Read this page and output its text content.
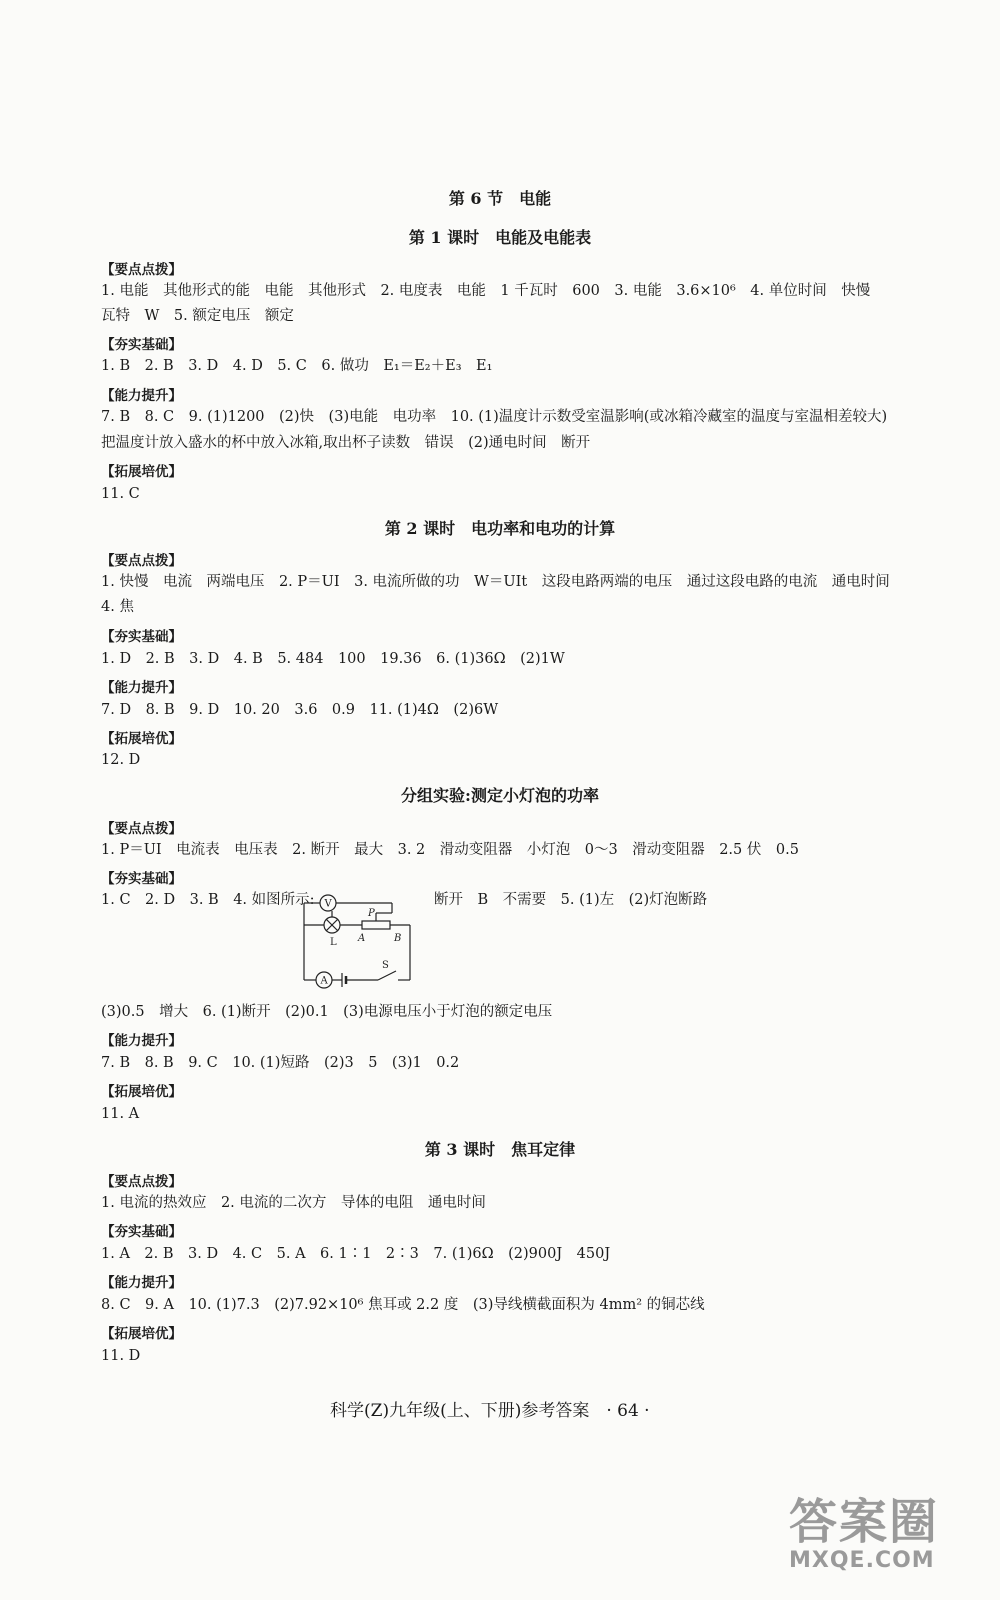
第 6 节　电能
第 1 课时　电能及电能表
【要点点拨】
1. 电能　其他形式的能　电能　其他形式　2. 电度表　电能　1 千瓦时　600　3. 电能　3.6×10⁶　4. 单位时间　快慢
瓦特　W　5. 额定电压　额定
【夯实基础】
1. B　2. B　3. D　4. D　5. C　6. 做功　E₁＝E₂＋E₃　E₁
【能力提升】
7. B　8. C　9. (1)1200　(2)快　(3)电能　电功率　10. (1)温度计示数受室温影响(或冰箱冷藏室的温度与室温相差较大)
把温度计放入盛水的杯中放入冰箱,取出杯子读数　错误　(2)通电时间　断开
【拓展培优】
11. C
第 2 课时　电功率和电功的计算
【要点点拨】
1. 快慢　电流　两端电压　2. P＝UI　3. 电流所做的功　W＝UIt　这段电路两端的电压　通过这段电路的电流　通电时间
4. 焦
【夯实基础】
1. D　2. B　3. D　4. B　5. 484　100　19.36　6. (1)36Ω　(2)1W
【能力提升】
7. D　8. B　9. D　10. 20　3.6　0.9　11. (1)4Ω　(2)6W
【拓展培优】
12. D
分组实验:测定小灯泡的功率
【要点点拨】
1. P＝UI　电流表　电压表　2. 断开　最大　3. 2　滑动变阻器　小灯泡　0～3　滑动变阻器　2.5 伏　0.5
【夯实基础】
1. C　2. D　3. B　4. 如图所示:	断开　B　不需要　5. (1)左　(2)灯泡断路
V
L
P
A	B
A
S
(3)0.5　增大　6. (1)断开　(2)0.1　(3)电源电压小于灯泡的额定电压
【能力提升】
7. B　8. B　9. C　10. (1)短路　(2)3　5　(3)1　0.2
【拓展培优】
11. A
第 3 课时　焦耳定律
【要点点拨】
1. 电流的热效应　2. 电流的二次方　导体的电阻　通电时间
【夯实基础】
1. A　2. B　3. D　4. C　5. A　6. 1∶1　2∶3　7. (1)6Ω　(2)900J　450J
【能力提升】
8. C　9. A　10. (1)7.3　(2)7.92×10⁶ 焦耳或 2.2 度　(3)导线横截面积为 4mm² 的铜芯线
【拓展培优】
11. D
科学(Z)九年级(上、下册)参考答案　· 64 ·
答案圈
MXQE.COM
